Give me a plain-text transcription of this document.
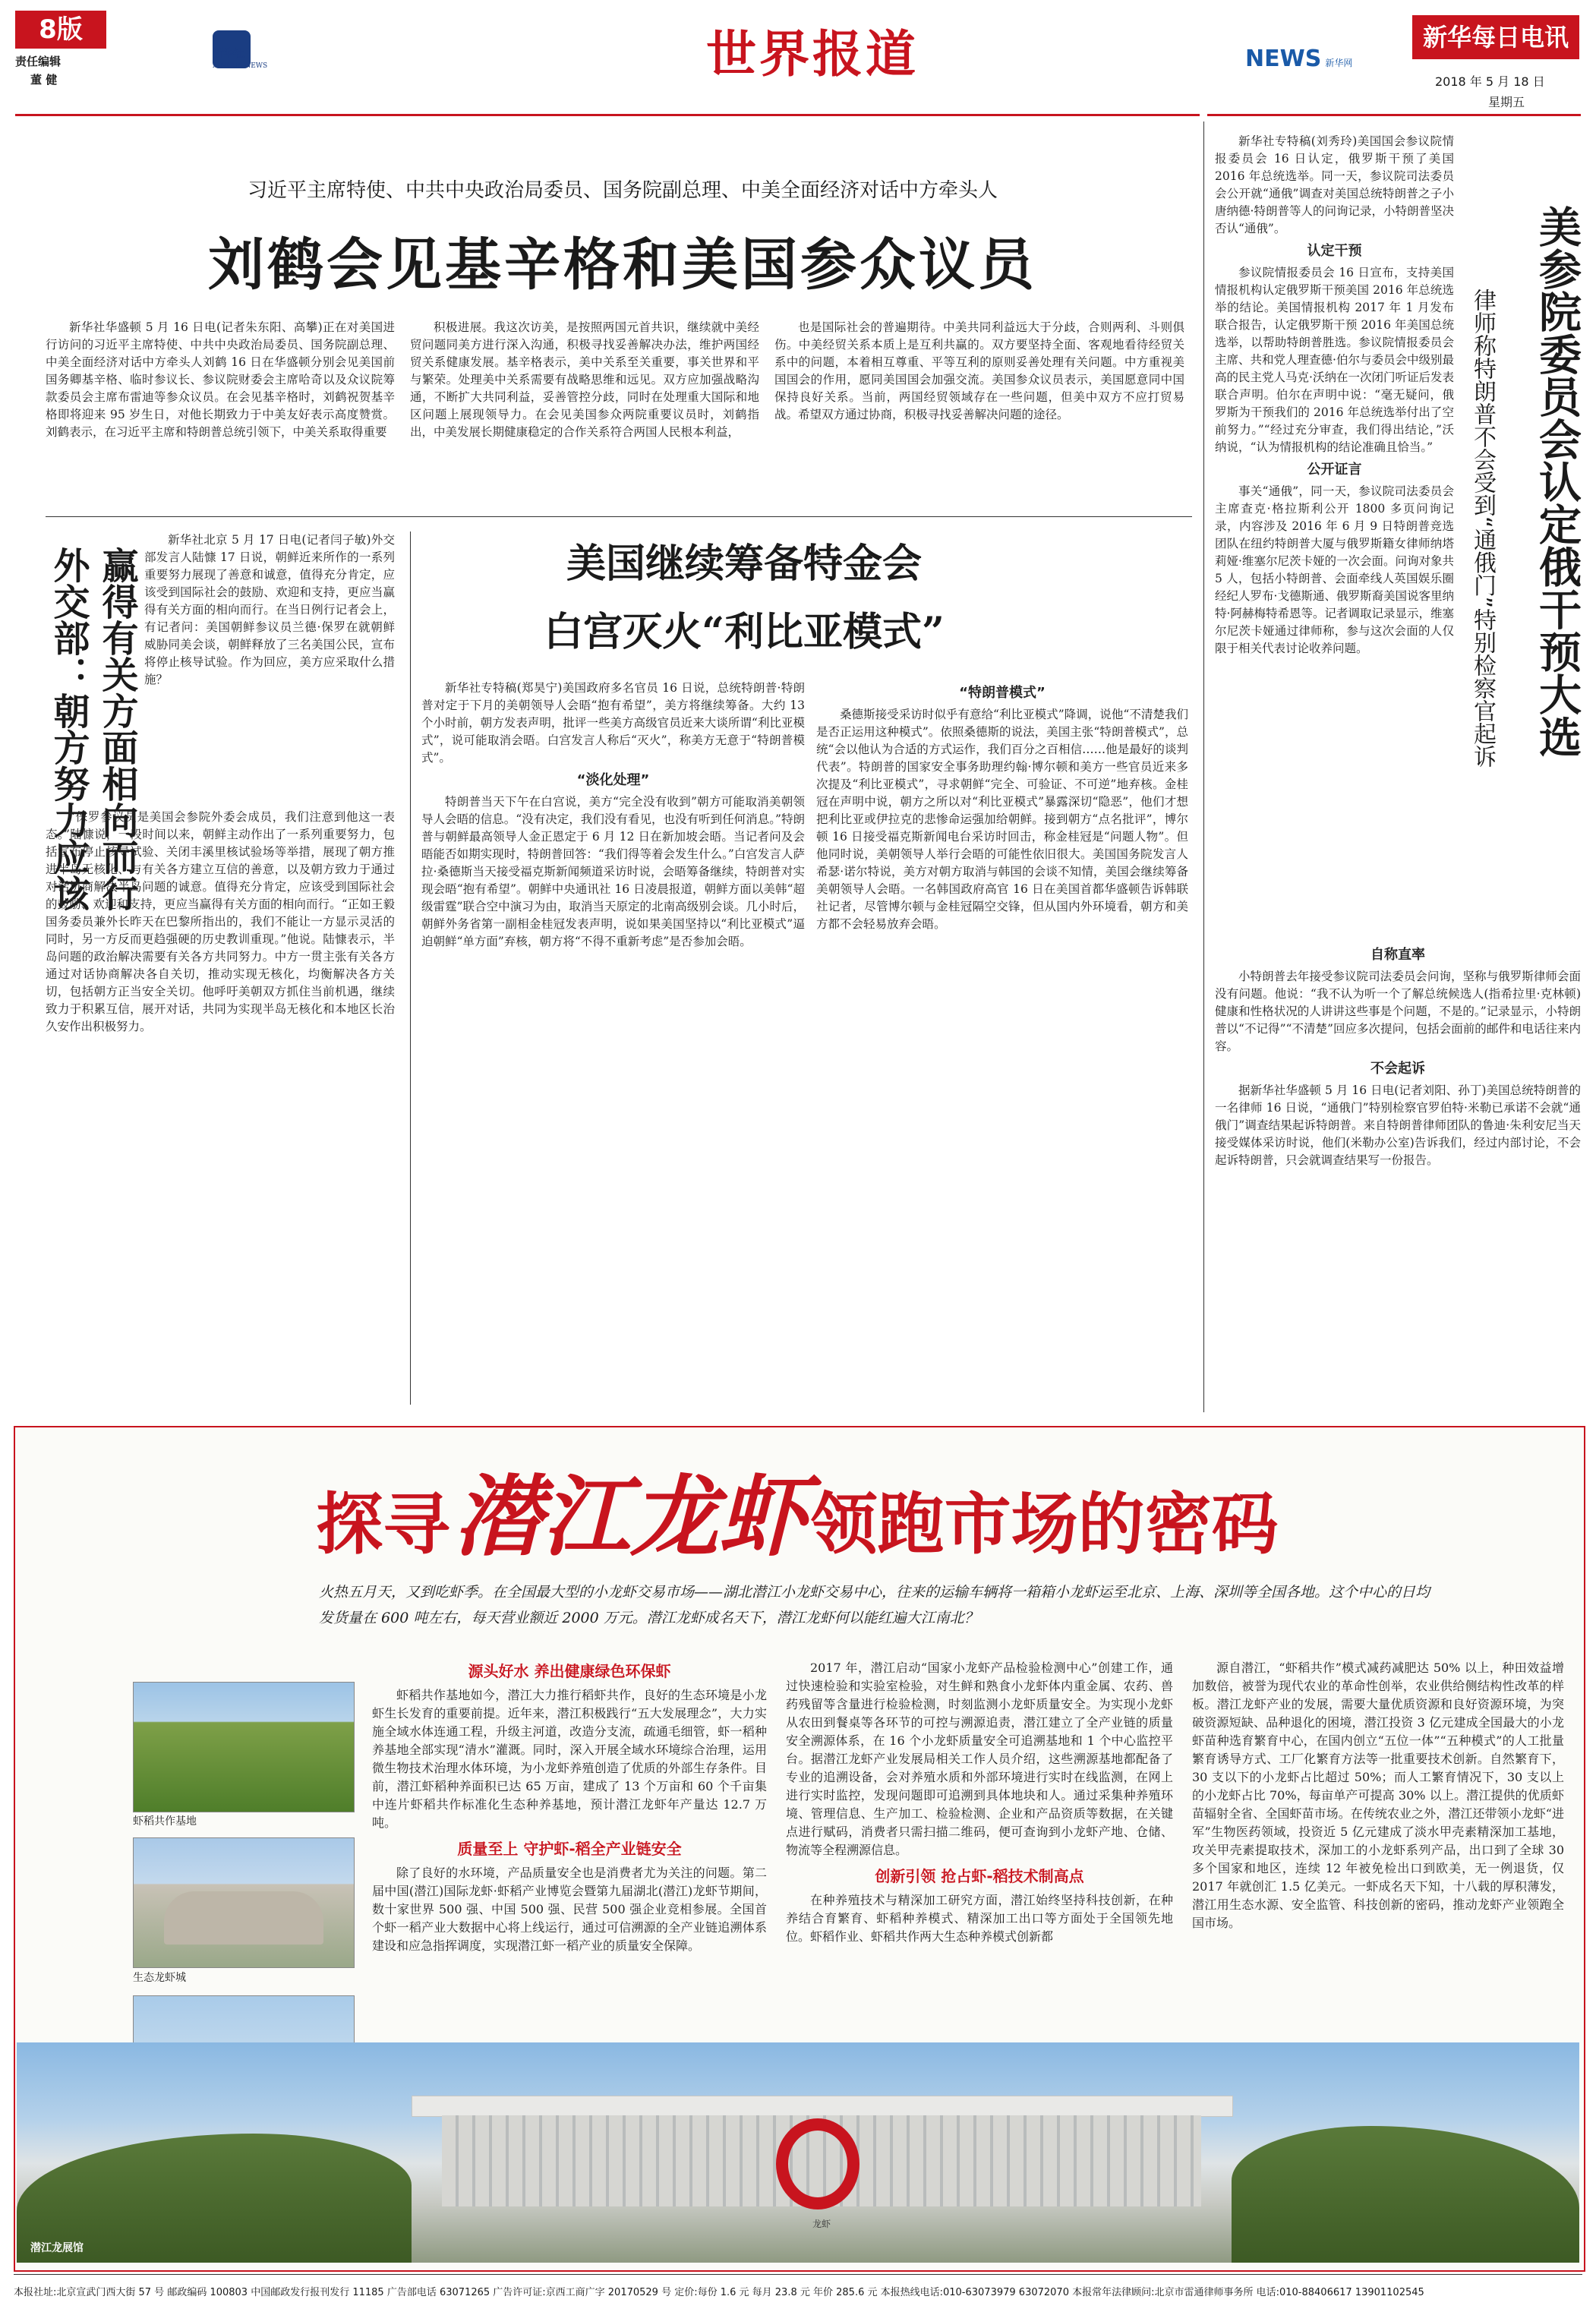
8版
责任编辑
董 健
新华社
XINHUA NEWS	世界报道	NEWS 新华网
新华每日电讯
2018 年 5 月 18 日
星期五
习近平主席特使、中共中央政治局委员、国务院副总理、中美全面经济对话中方牵头人
刘鹤会见基辛格和美国参众议员

新华社华盛顿 5 月 16 日电(记者朱东阳、高攀)正在对美国进行访问的习近平主席特使、中共中央政治局委员、国务院副总理、中美全面经济对话中方牵头人刘鹤 16 日在华盛顿分别会见美国前国务卿基辛格、临时参议长、参议院财委会主席哈奇以及众议院筹款委员会主席布雷迪等参众议员。在会见基辛格时，刘鹤祝贺基辛格即将迎来 95 岁生日，对他长期致力于中美友好表示高度赞赏。刘鹤表示，在习近平主席和特朗普总统引领下，中美关系取得重要

积极进展。我这次访美，是按照两国元首共识，继续就中美经贸问题同美方进行深入沟通，积极寻找妥善解决办法，维护两国经贸关系健康发展。基辛格表示，美中关系至关重要，事关世界和平与繁荣。处理美中关系需要有战略思维和远见。双方应加强战略沟通，不断扩大共同利益，妥善管控分歧，同时在处理重大国际和地区问题上展现领导力。在会见美国参众两院重要议员时，刘鹤指出，中美发展长期健康稳定的合作关系符合两国人民根本利益，

也是国际社会的普遍期待。中美共同利益远大于分歧，合则两利、斗则俱伤。中美经贸关系本质上是互利共赢的。双方要坚持全面、客观地看待经贸关系中的问题，本着相互尊重、平等互利的原则妥善处理有关问题。中方重视美国国会的作用，愿同美国国会加强交流。美国参众议员表示，美国愿意同中国保持良好关系。当前，两国经贸领域存在一些问题，但美中双方不应打贸易战。希望双方通过协商，积极寻找妥善解决问题的途径。

外交部：朝方努力应该 赢得有关方面相向而行

新华社北京 5 月 17 日电(记者闫子敏)外交部发言人陆慷 17 日说，朝鲜近来所作的一系列重要努力展现了善意和诚意，值得充分肯定，应该受到国际社会的鼓励、欢迎和支持，更应当赢得有关方面的相向而行。在当日例行记者会上，有记者问：美国朝鲜参议员兰德·保罗在就朝鲜威胁同美会谈，朝鲜释放了三名美国公民，宣布将停止核导试验。作为回应，美方应采取什么措施？

“保罗参议员是美国会参院外委会成员，我们注意到他这一表态。”陆慷说，一段时间以来，朝鲜主动作出了一系列重要努力，包括宣布停止核导试验、关闭丰溪里核试验场等举措，展现了朝方推进半岛无核化、与有关各方建立互信的善意，以及朝方致力于通过对话协商解决半岛问题的诚意。值得充分肯定，应该受到国际社会的鼓励、欢迎和支持，更应当赢得有关方面的相向而行。“正如王毅国务委员兼外长昨天在巴黎所指出的，我们不能让一方显示灵活的同时，另一方反而更趋强硬的历史教训重现。”他说。陆慷表示，半岛问题的政治解决需要有关各方共同努力。中方一贯主张有关各方通过对话协商解决各自关切，推动实现无核化，均衡解决各方关切，包括朝方正当安全关切。他呼吁美朝双方抓住当前机遇，继续致力于积累互信，展开对话，共同为实现半岛无核化和本地区长治久安作出积极努力。

美国继续筹备特金会
白宫灭火“利比亚模式”

新华社专特稿(郑昊宁)美国政府多名官员 16 日说，总统特朗普·特朗普对定于下月的美朝领导人会晤“抱有希望”，美方将继续筹备。大约 13 个小时前，朝方发表声明，批评一些美方高级官员近来大谈所谓“利比亚模式”，说可能取消会晤。白宫发言人称后“灭火”，称美方无意于“特朗普模式”。

“淡化处理”

特朗普当天下午在白宫说，美方“完全没有收到”朝方可能取消美朝领导人会晤的信息。“没有决定，我们没有看见，也没有听到任何消息。”特朗普与朝鲜最高领导人金正恩定于 6 月 12 日在新加坡会晤。当记者问及会晤能否如期实现时，特朗普回答：“我们得等着会发生什么。”白宫发言人萨拉·桑德斯当天接受福克斯新闻频道采访时说，会晤筹备继续，特朗普对实现会晤“抱有希望”。朝鲜中央通讯社 16 日凌晨报道，朝鲜方面以美韩“超级雷霆”联合空中演习为由，取消当天原定的北南高级别会谈。几小时后，朝鲜外务省第一副相金桂冠发表声明，说如果美国坚持以“利比亚模式”逼迫朝鲜“单方面”弃核，朝方将“不得不重新考虑”是否参加会晤。

“特朗普模式”

桑德斯接受采访时似乎有意给“利比亚模式”降调，说他“不清楚我们是否正运用这种模式”。依照桑德斯的说法，美国主张“特朗普模式”，总统“会以他认为合适的方式运作，我们百分之百相信……他是最好的谈判代表”。特朗普的国家安全事务助理约翰·博尔顿和美方一些官员近来多次提及“利比亚模式”，寻求朝鲜“完全、可验证、不可逆”地弃核。金桂冠在声明中说，朝方之所以对“利比亚模式”暴露深切“隐恶”，他们才想把利比亚或伊拉克的悲惨命运强加给朝鲜。接到朝方“点名批评”，博尔顿 16 日接受福克斯新闻电台采访时回击，称金桂冠是“问题人物”。但他同时说，美朝领导人举行会晤的可能性依旧很大。美国国务院发言人希瑟·诺尔特说，美方对朝方取消与韩国的会谈不知情，美国会继续筹备美朝领导人会晤。一名韩国政府高官 16 日在美国首都华盛顿告诉韩联社记者，尽管博尔顿与金桂冠隔空交锋，但从国内外环境看，朝方和美方都不会轻易放弃会晤。

美参院委员会认定俄干预大选
律师称特朗普不会受到“通俄门”特别检察官起诉

新华社专特稿(刘秀玲)美国国会参议院情报委员会 16 日认定，俄罗斯干预了美国 2016 年总统选举。同一天，参议院司法委员会公开就“通俄”调查对美国总统特朗普之子小唐纳德·特朗普等人的问询记录，小特朗普坚决否认“通俄”。

认定干预

参议院情报委员会 16 日宣布，支持美国情报机构认定俄罗斯干预美国 2016 年总统选举的结论。美国情报机构 2017 年 1 月发布联合报告，认定俄罗斯干预 2016 年美国总统选举，以帮助特朗普胜选。参议院情报委员会主席、共和党人理查德·伯尔与委员会中级别最高的民主党人马克·沃纳在一次闭门听证后发表联合声明。伯尔在声明中说：“毫无疑问，俄罗斯为干预我们的 2016 年总统选举付出了空前努力。”“经过充分审查，我们得出结论，”沃纳说，“认为情报机构的结论准确且恰当。”

公开证言

事关“通俄”，同一天，参议院司法委员会主席查克·格拉斯利公开 1800 多页问询记录，内容涉及 2016 年 6 月 9 日特朗普竞选团队在纽约特朗普大厦与俄罗斯籍女律师纳塔莉娅·维塞尔尼茨卡娅的一次会面。问询对象共 5 人，包括小特朗普、会面牵线人英国娱乐圈经纪人罗布·戈德斯通、俄罗斯裔美国说客里纳特·阿赫梅特希恩等。记者调取记录显示，维塞尔尼茨卡娅通过律师称，参与这次会面的人仅限于相关代表讨论收养问题。

自称直率

小特朗普去年接受参议院司法委员会问询，坚称与俄罗斯律师会面没有问题。他说：“我不认为听一个了解总统候选人(指希拉里·克林顿)健康和性格状况的人讲讲这些事是个问题，不是的。”记录显示，小特朗普以“不记得”“不清楚”回应多次提问，包括会面前的邮件和电话往来内容。

不会起诉

据新华社华盛顿 5 月 16 日电(记者刘阳、孙丁)美国总统特朗普的一名律师 16 日说，“通俄门”特别检察官罗伯特·米勒已承诺不会就“通俄门”调查结果起诉特朗普。来自特朗普律师团队的鲁迪·朱利安尼当天接受媒体采访时说，他们(米勒办公室)告诉我们，经过内部讨论，不会起诉特朗普，只会就调查结果写一份报告。

探寻 潜江龙虾 领跑市场的密码
火热五月天，又到吃虾季。在全国最大型的小龙虾交易市场——湖北潜江小龙虾交易中心，往来的运输车辆将一箱箱小龙虾运至北京、上海、深圳等全国各地。这个中心的日均发货量在 600 吨左右，每天营业额近 2000 万元。潜江龙虾成名天下，潜江龙虾何以能红遍大江南北？
虾稻共作基地
生态龙虾城
龙虾
潜江龙展馆
源头好水 养出健康绿色环保虾

虾稻共作基地如今，潜江大力推行稻虾共作，良好的生态环境是小龙虾生长发育的重要前提。近年来，潜江积极践行“五大发展理念”，大力实施全域水体连通工程，升级主河道，改造分支流，疏通毛细管，虾一稻种养基地全部实现“清水”灌溉。同时，深入开展全域水环境综合治理，运用微生物技术治理水体环境，为小龙虾养殖创造了优质的外部生存条件。目前，潜江虾稻种养面积已达 65 万亩，建成了 13 个万亩和 60 个千亩集中连片虾稻共作标准化生态种养基地，预计潜江龙虾年产量达 12.7 万吨。

质量至上 守护虾-稻全产业链安全

除了良好的水环境，产品质量安全也是消费者尤为关注的问题。第二届中国(潜江)国际龙虾·虾稻产业博览会暨第九届湖北(潜江)龙虾节期间，数十家世界 500 强、中国 500 强、民营 500 强企业竞相参展。全国首个虾一稻产业大数据中心将上线运行，通过可信溯源的全产业链追溯体系建设和应急指挥调度，实现潜江虾一稻产业的质量安全保障。

2017 年，潜江启动“国家小龙虾产品检验检测中心”创建工作，通过快速检验和实验室检验，对生鲜和熟食小龙虾体内重金属、农药、兽药残留等含量进行检验检测，时刻监测小龙虾质量安全。为实现小龙虾从农田到餐桌等各环节的可控与溯源追责，潜江建立了全产业链的质量安全溯源体系，在 16 个小龙虾质量安全可追溯基地和 1 个中心监控平台。据潜江龙虾产业发展局相关工作人员介绍，这些溯源基地都配备了专业的追溯设备，会对养殖水质和外部环境进行实时在线监测，在网上进行实时监控，发现问题即可追溯到具体地块和人。通过采集种养殖环境、管理信息、生产加工、检验检测、企业和产品资质等数据，在关键点进行赋码，消费者只需扫描二维码，便可查询到小龙虾产地、仓储、物流等全程溯源信息。

创新引领 抢占虾-稻技术制高点

在种养殖技术与精深加工研究方面，潜江始终坚持科技创新，在种养结合育繁育、虾稻种养模式、精深加工出口等方面处于全国领先地位。虾稻作业、虾稻共作两大生态种养模式创新都

源自潜江，“虾稻共作”模式减药减肥达 50% 以上，种田效益增加数倍，被誉为现代农业的革命性创举，农业供给侧结构性改革的样板。潜江龙虾产业的发展，需要大量优质资源和良好资源环境，为突破资源短缺、品种退化的困境，潜江投资 3 亿元建成全国最大的小龙虾苗种选育繁育中心，在国内创立“五位一体”“五种模式”的人工批量繁育诱导方式、工厂化繁育方法等一批重要技术创新。自然繁育下，30 支以下的小龙虾占比超过 50%；而人工繁育情况下，30 支以上的小龙虾占比 70%，每亩单产可提高 30% 以上。潜江提供的优质虾苗辐射全省、全国虾苗市场。在传统农业之外，潜江还带领小龙虾“进军”生物医药领域，投资近 5 亿元建成了淡水甲壳素精深加工基地，攻关甲壳素提取技术，深加工的小龙虾系列产品，出口到了全球 30 多个国家和地区，连续 12 年被免检出口到欧美，无一例退货，仅 2017 年就创汇 1.5 亿美元。一虾成名天下知，十八载的厚积薄发，潜江用生态水源、安全监管、科技创新的密码，推动龙虾产业领跑全国市场。

本报社址:北京宣武门西大街 57 号 邮政编码 100803 中国邮政发行报刊发行 11185 广告部电话 63071265 广告许可证:京西工商广字 20170529 号 定价:每份 1.6 元 每月 23.8 元 年价 285.6 元 本报热线电话:010-63073979 63072070 本报常年法律顾问:北京市雷通律师事务所 电话:010-88406617 13901102545
